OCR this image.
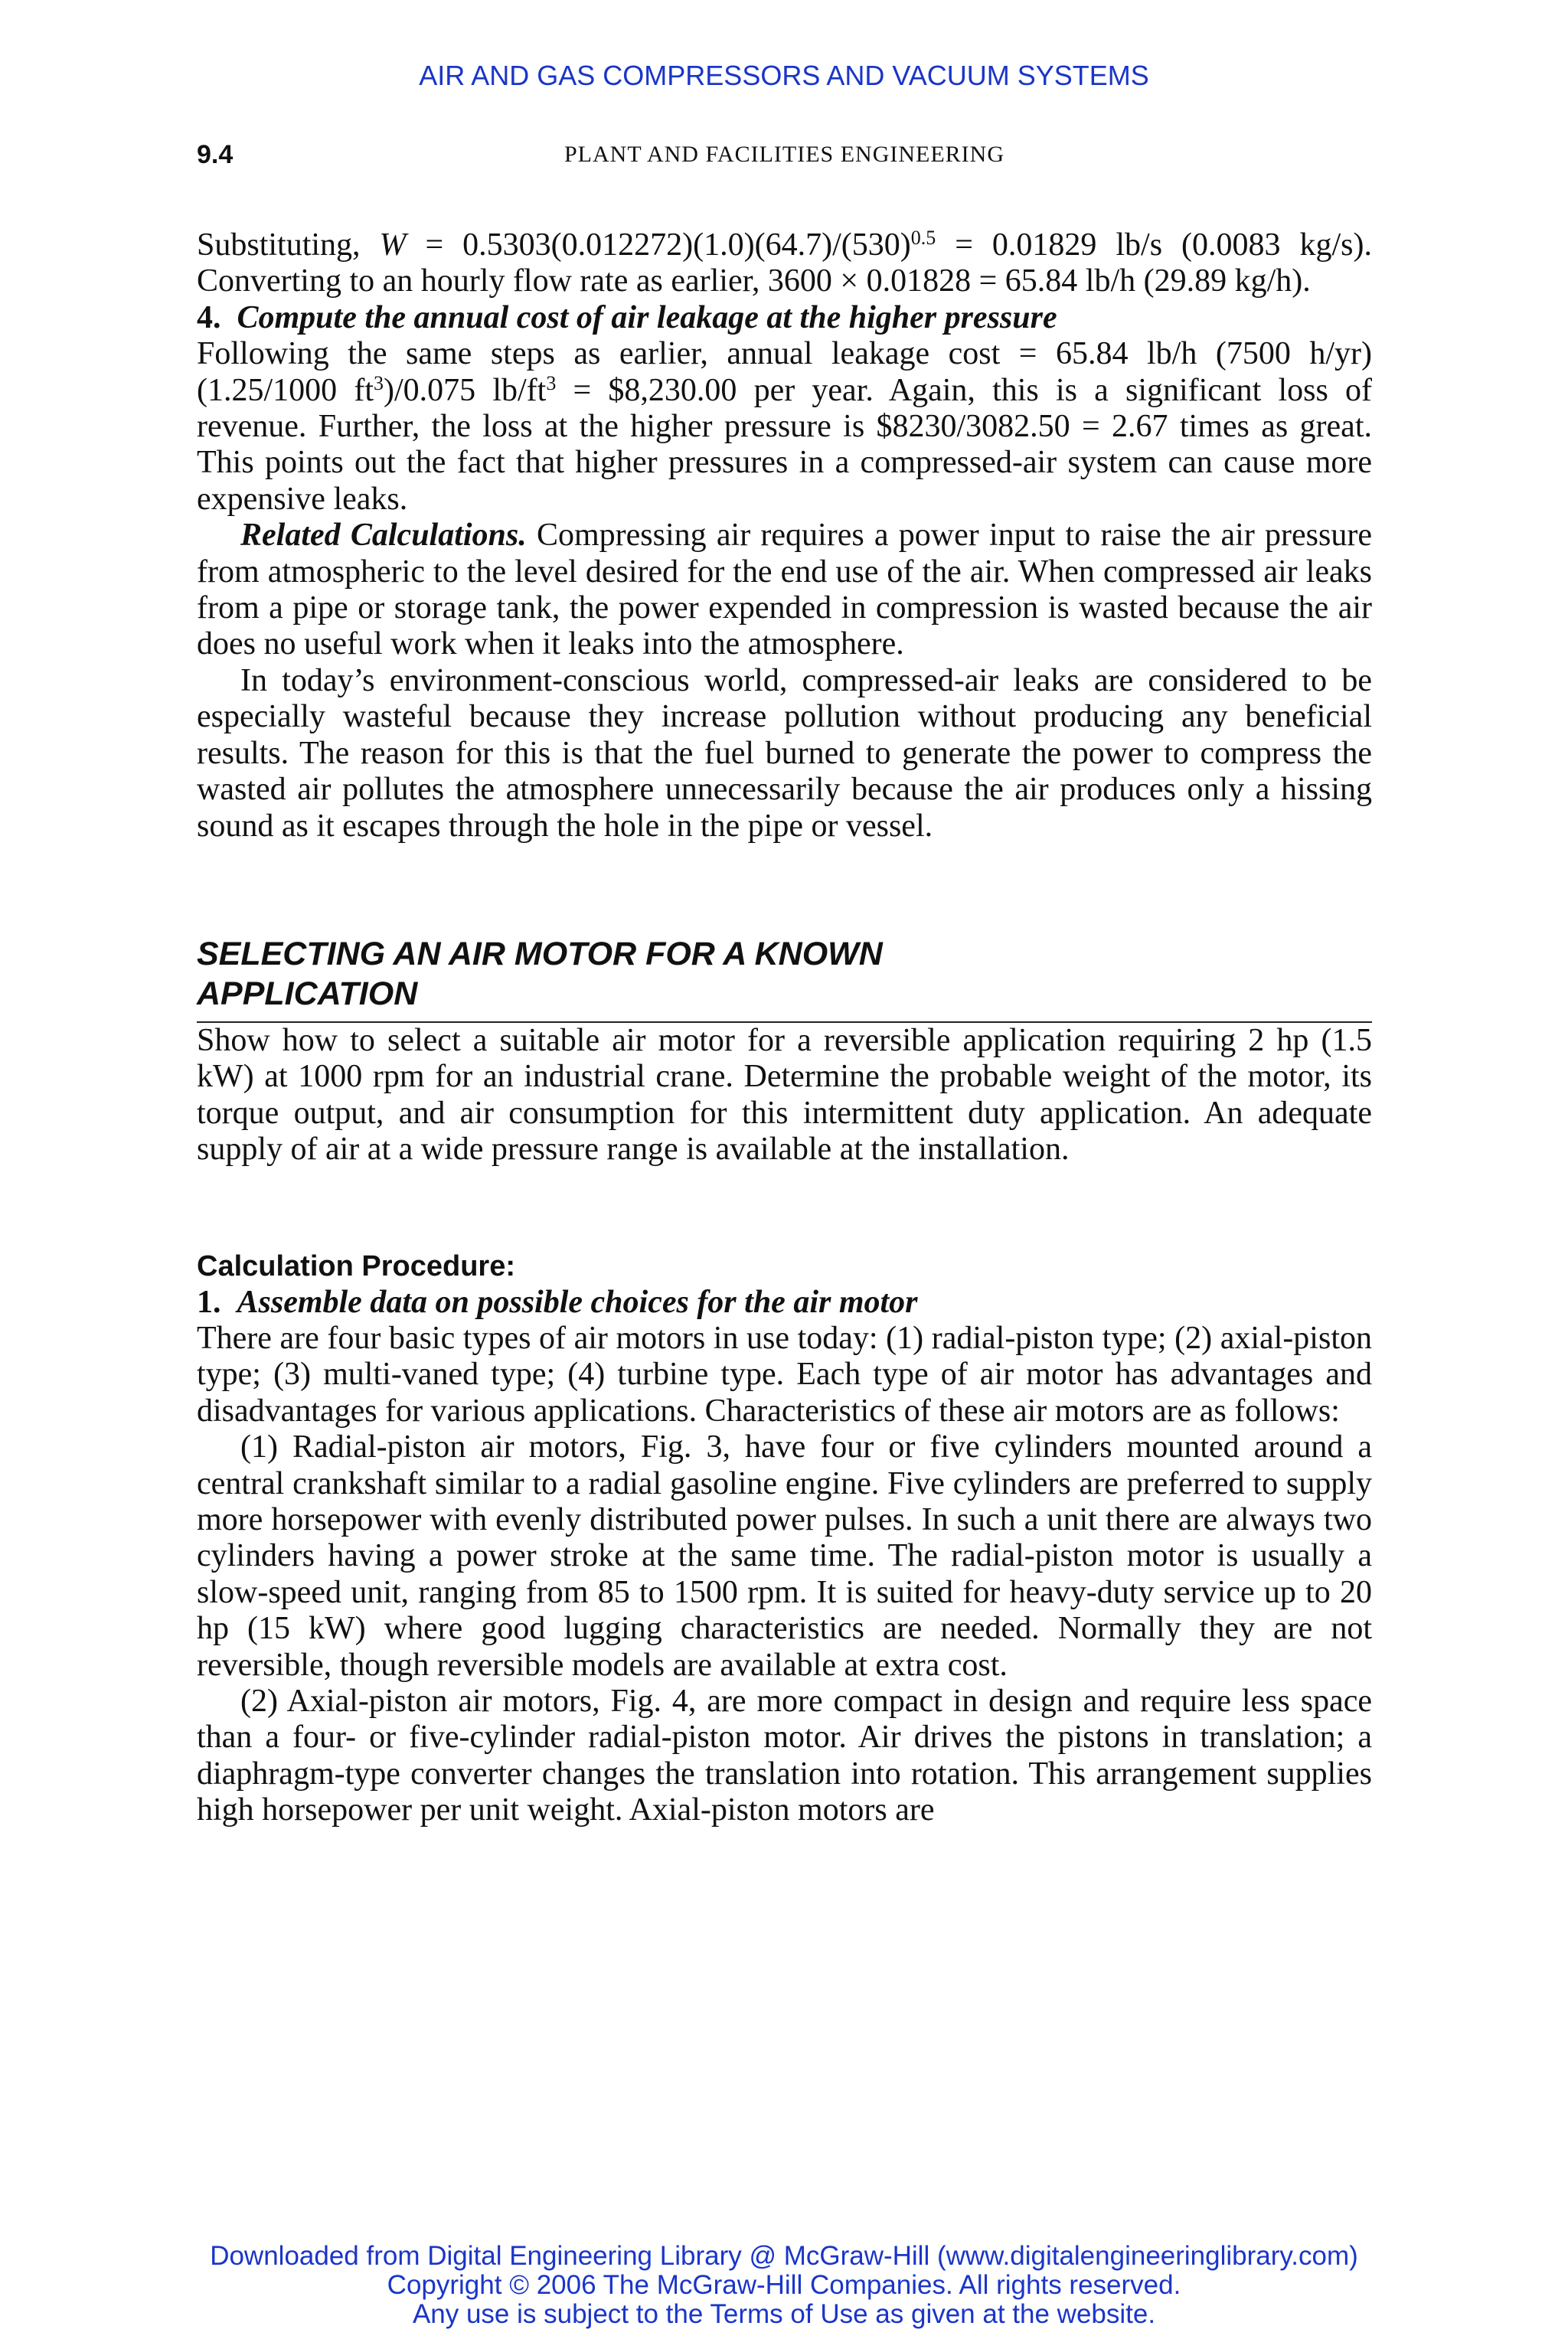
AIR AND GAS COMPRESSORS AND VACUUM SYSTEMS
9.4	PLANT AND FACILITIES ENGINEERING

Substituting, $W = 0.5303(0.012272)(1.0)(64.7)/(530)^{0.5} = 0.01829$ lb/s (0.0083 kg/s). Converting to an hourly flow rate as earlier, 3600 × 0.01828 = 65.84 lb/h (29.89 kg/h).

4. Compute the annual cost of air leakage at the higher pressure

Following the same steps as earlier, annual leakage cost = 65.84 lb/h (7500 h/yr)(1.25/1000 $ft^3)/0.075$ $lb/ft^3$ = $8,230.00 per year. Again, this is a significant loss of revenue. Further, the loss at the higher pressure is $8230/3082.50 = 2.67 times as great. This points out the fact that higher pressures in a compressed-air system can cause more expensive leaks.

Related Calculations. Compressing air requires a power input to raise the air pressure from atmospheric to the level desired for the end use of the air. When compressed air leaks from a pipe or storage tank, the power expended in compression is wasted because the air does no useful work when it leaks into the atmosphere.

In today’s environment-conscious world, compressed-air leaks are considered to be especially wasteful because they increase pollution without producing any beneficial results. The reason for this is that the fuel burned to generate the power to compress the wasted air pollutes the atmosphere unnecessarily because the air produces only a hissing sound as it escapes through the hole in the pipe or vessel.

SELECTING AN AIR MOTOR FOR A KNOWN
APPLICATION

Show how to select a suitable air motor for a reversible application requiring 2 hp (1.5 kW) at 1000 rpm for an industrial crane. Determine the probable weight of the motor, its torque output, and air consumption for this intermittent duty application. An adequate supply of air at a wide pressure range is available at the installation.

Calculation Procedure:

1. Assemble data on possible choices for the air motor

There are four basic types of air motors in use today: (1) radial-piston type; (2) axial-piston type; (3) multi-vaned type; (4) turbine type. Each type of air motor has advantages and disadvantages for various applications. Characteristics of these air motors are as follows:

(1) Radial-piston air motors, Fig. 3, have four or five cylinders mounted around a central crankshaft similar to a radial gasoline engine. Five cylinders are preferred to supply more horsepower with evenly distributed power pulses. In such a unit there are always two cylinders having a power stroke at the same time. The radial-piston motor is usually a slow-speed unit, ranging from 85 to 1500 rpm. It is suited for heavy-duty service up to 20 hp (15 kW) where good lugging characteristics are needed. Normally they are not reversible, though reversible models are available at extra cost.

(2) Axial-piston air motors, Fig. 4, are more compact in design and require less space than a four- or five-cylinder radial-piston motor. Air drives the pistons in translation; a diaphragm-type converter changes the translation into rotation. This arrangement supplies high horsepower per unit weight. Axial-piston motors are

Downloaded from Digital Engineering Library @ McGraw-Hill (www.digitalengineeringlibrary.com)
Copyright © 2006 The McGraw-Hill Companies. All rights reserved.
Any use is subject to the Terms of Use as given at the website.
